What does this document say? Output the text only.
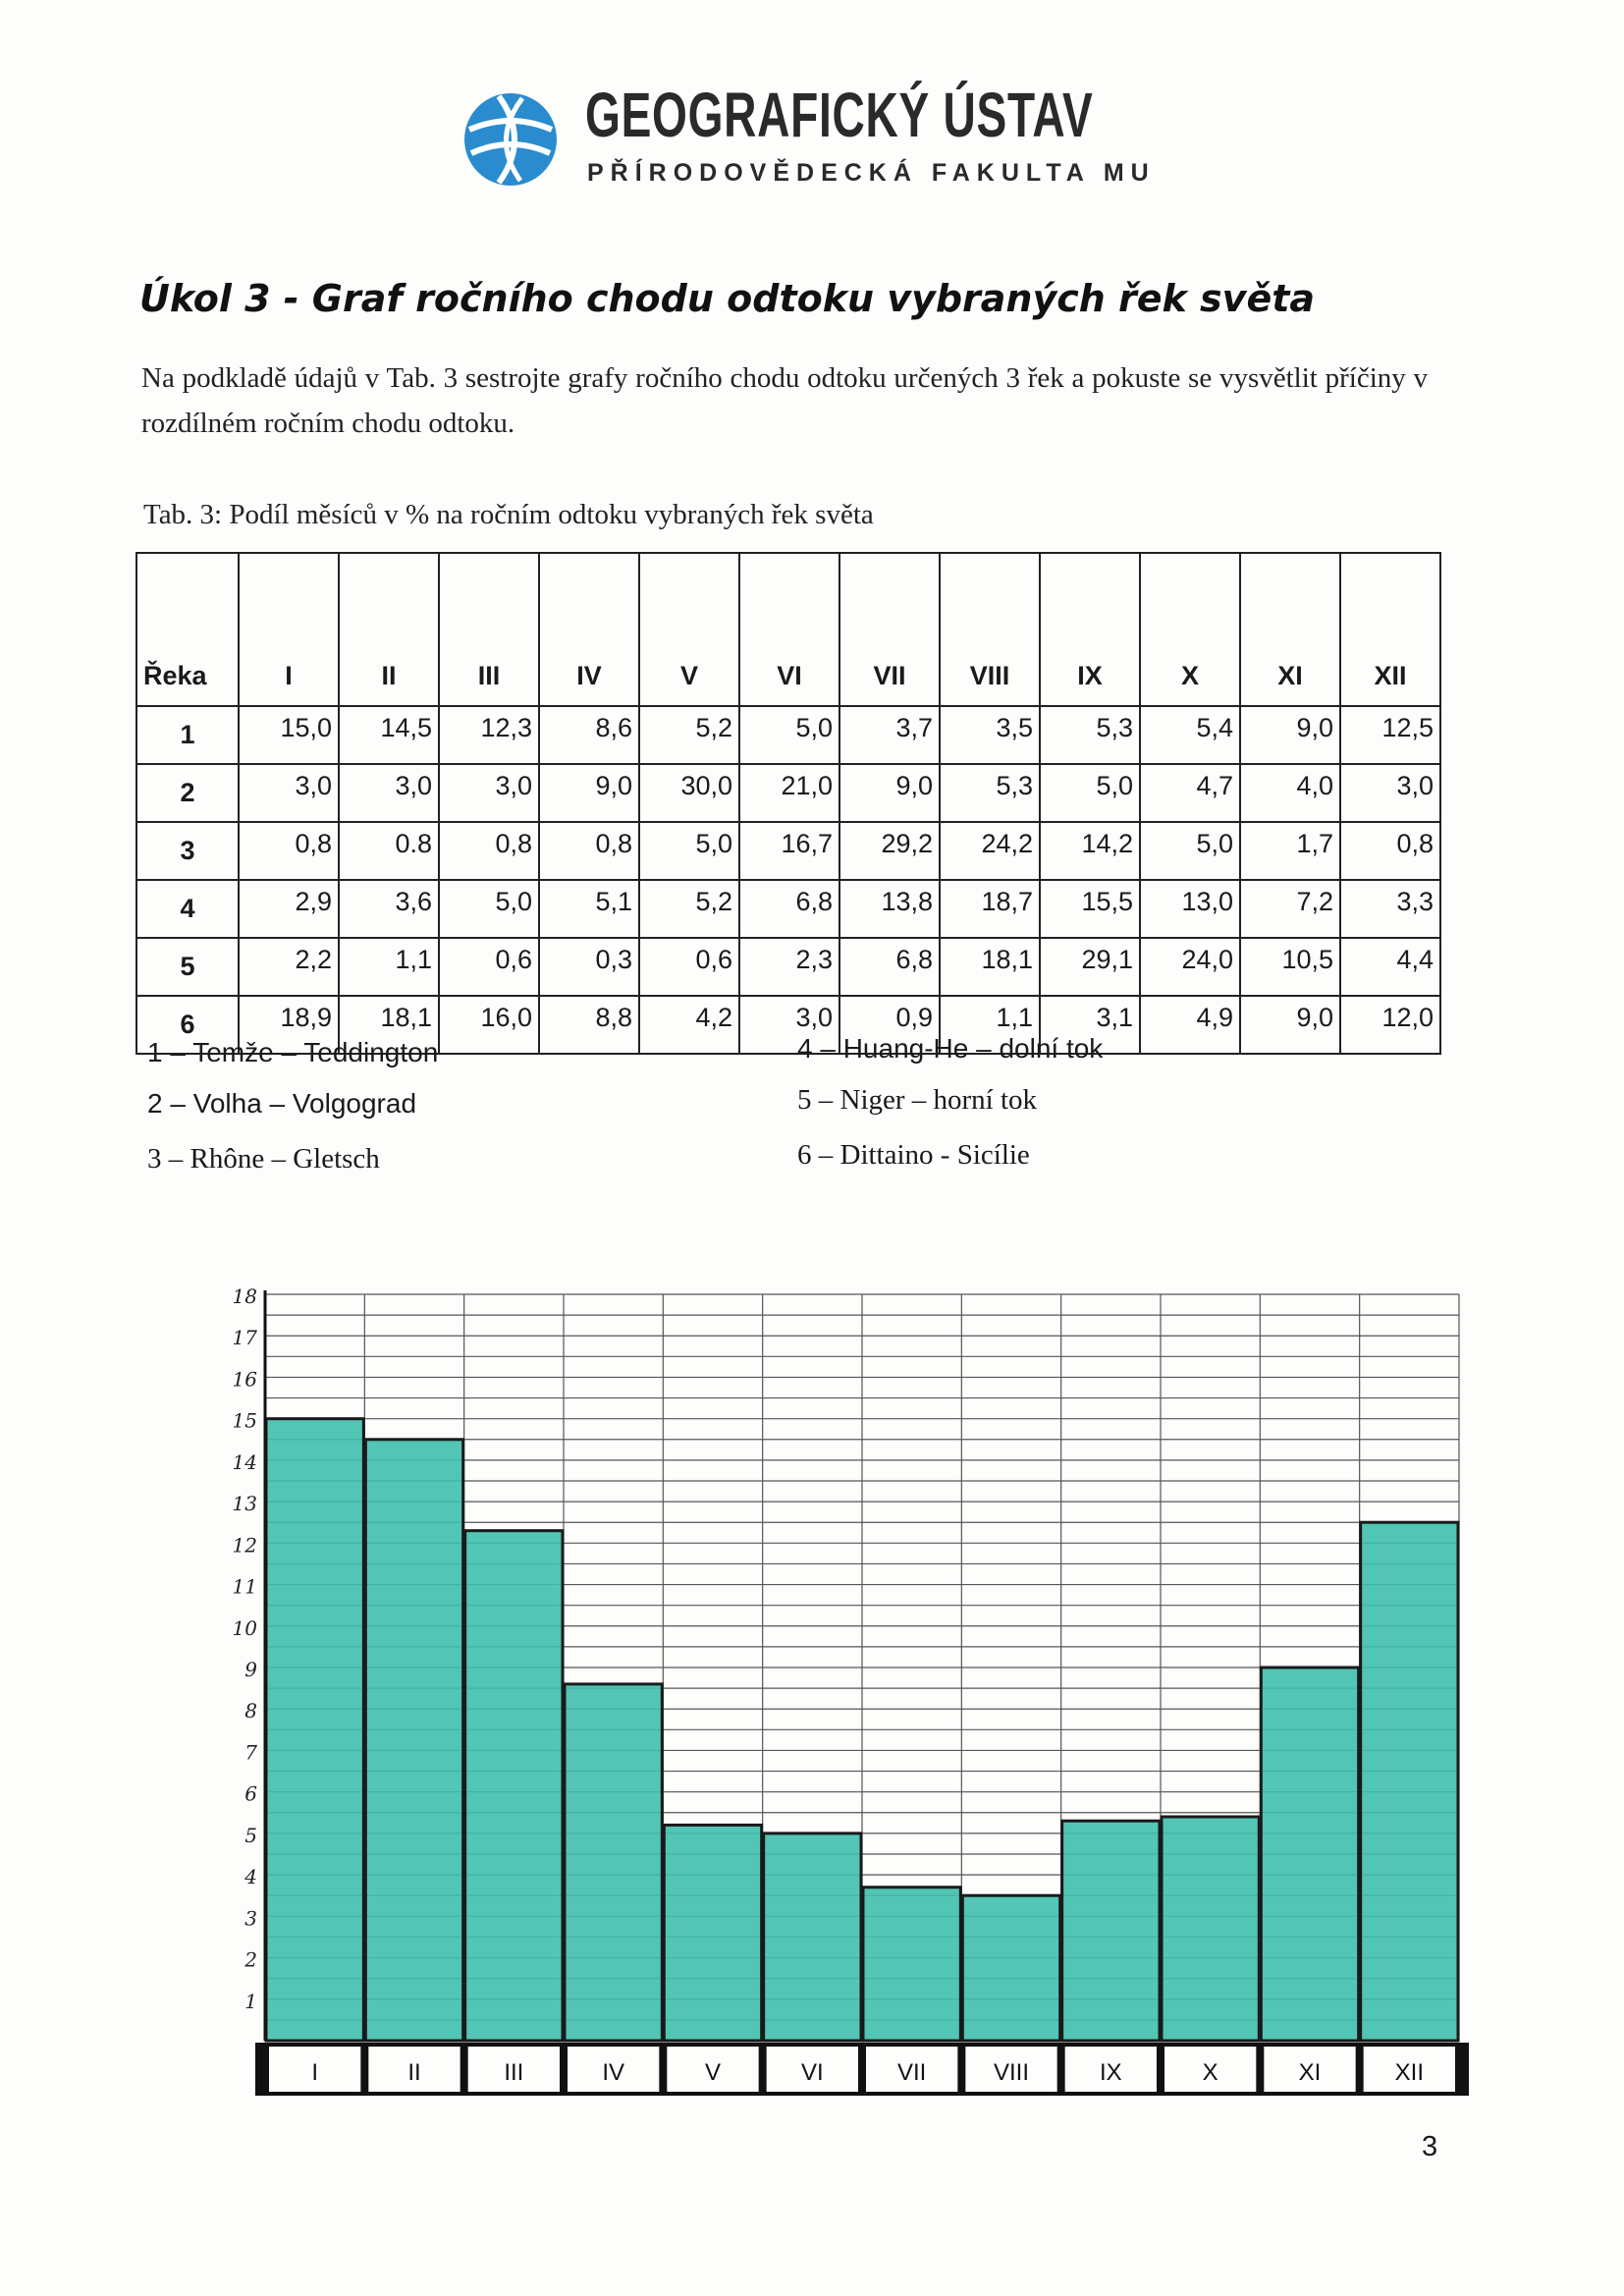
GEOGRAFICKÝ ÚSTAV
PŘÍRODOVĚDECKÁ FAKULTA MU
Úkol 3 - Graf ročního chodu odtoku vybraných řek světa
Na podkladě údajů v Tab. 3 sestrojte grafy ročního chodu odtoku určených 3 řek a pokuste se vysvětlit příčiny v rozdílném ročním chodu odtoku.
Tab. 3: Podíl měsíců v % na ročním odtoku vybraných řek světa
Řeka	I	II	III	IV	V	VI	VII	VIII	IX	X	XI	XII
1	15,0	14,5	12,3	8,6	5,2	5,0	3,7	3,5	5,3	5,4	9,0	12,5
2	3,0	3,0	3,0	9,0	30,0	21,0	9,0	5,3	5,0	4,7	4,0	3,0
3	0,8	0.8	0,8	0,8	5,0	16,7	29,2	24,2	14,2	5,0	1,7	0,8
4	2,9	3,6	5,0	5,1	5,2	6,8	13,8	18,7	15,5	13,0	7,2	3,3
5	2,2	1,1	0,6	0,3	0,6	2,3	6,8	18,1	29,1	24,0	10,5	4,4
6	18,9	18,1	16,0	8,8	4,2	3,0	0,9	1,1	3,1	4,9	9,0	12,0
1 – Temže – Teddington
2 – Volha – Volgograd
3 – Rhône – Gletsch
4 – Huang-He – dolní tok
5 – Niger – horní tok
6 – Dittaino - Sicílie
1
2
3
4
5
6
7
8
9
10
11
12
13
14
15
16
17
18
I	II	III	IV	V	VI	VII	VIII	IX	X	XI	XII
3
